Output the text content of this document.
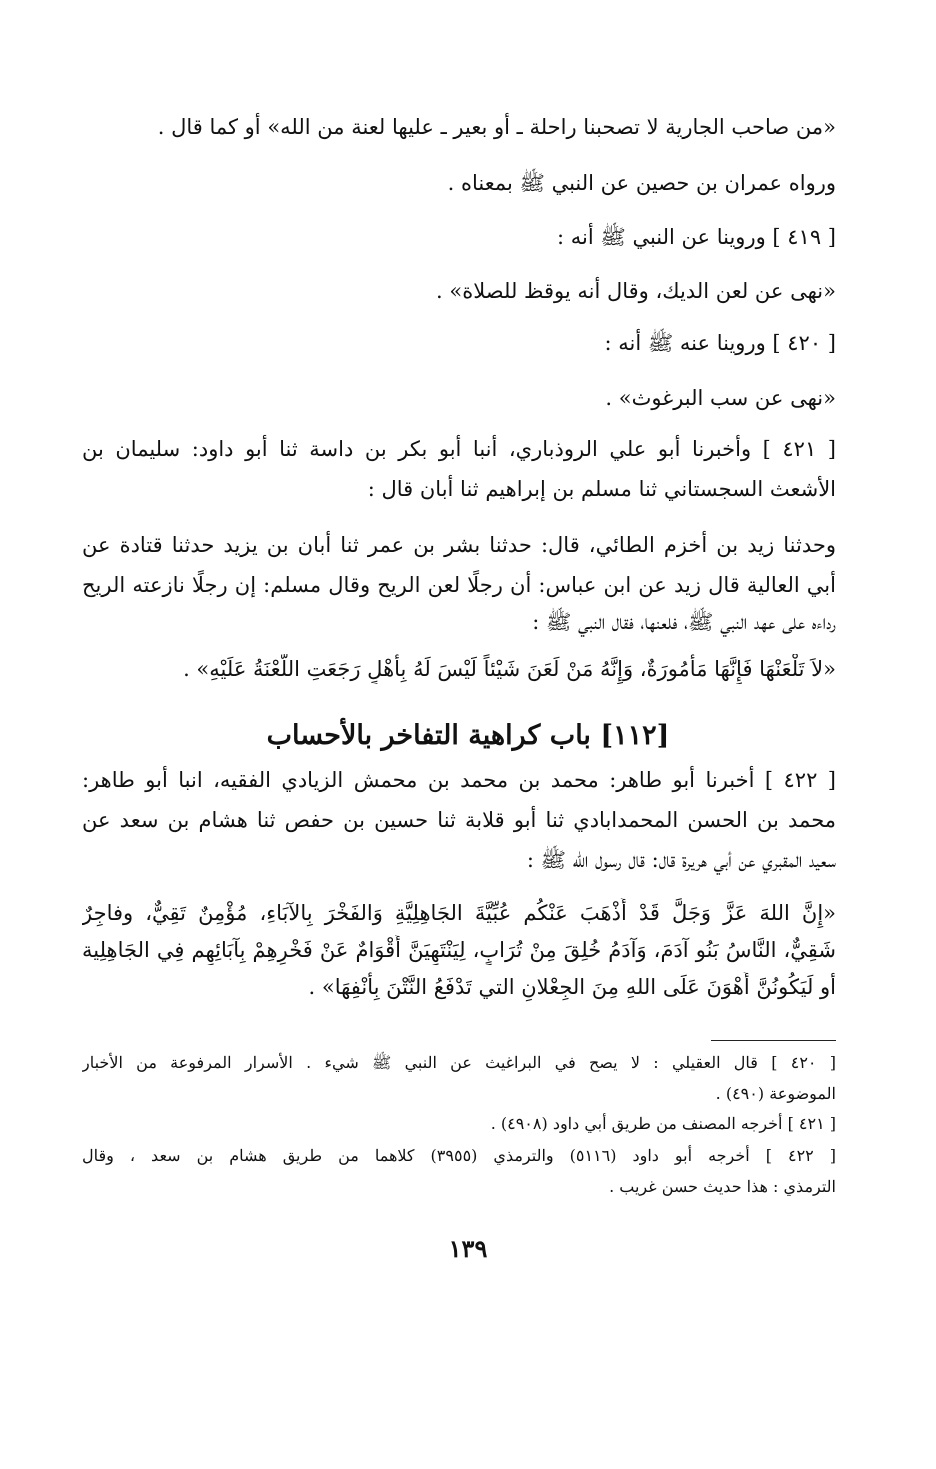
«من صاحب الجارية لا تصحبنا راحلة ـ أو بعير ـ عليها لعنة من الله» أو كما قال .
ورواه عمران بن حصين عن النبي ﷺ بمعناه .
[ ٤١٩ ] وروينا عن النبي ﷺ أنه :
«نهى عن لعن الديك، وقال أنه يوقظ للصلاة» .
[ ٤٢٠ ] وروينا عنه ﷺ أنه :
«نهى عن سب البرغوث» .
[ ٤٢١ ] وأخبرنا أبو علي الروذباري، أنبا أبو بكر بن داسة ثنا أبو داود: سليمان بن
الأشعث السجستاني ثنا مسلم بن إبراهيم ثنا أبان قال :
وحدثنا زيد بن أخزم الطائي، قال: حدثنا بشر بن عمر ثنا أبان بن يزيد حدثنا قتادة عن
أبي العالية قال زيد عن ابن عباس: أن رجلًا لعن الريح وقال مسلم: إن رجلًا نازعته الريح
رداءه على عهد النبي ﷺ، فلعنها، فقال النبي ﷺ :
«لاَ تَلْعَنْهَا فَإِنَّهَا مَأْمُورَةٌ، وَإِنَّهُ مَنْ لَعَنَ شَيْئاً لَيْسَ لَهُ بِأَهْلٍ رَجَعَتِ اللَّعْنَةُ عَلَيْهِ» .
[١١٢] باب كراهية التفاخر بالأحساب
[ ٤٢٢ ] أخبرنا أبو طاهر: محمد بن محمد بن محمش الزيادي الفقيه، انبا أبو طاهر:
محمد بن الحسن المحمدابادي ثنا أبو قلابة ثنا حسين بن حفص ثنا هشام بن سعد عن
سعيد المقبري عن أبي هريرة قال: قال رسول الله ﷺ :
«إِنَّ اللهَ عَزَّ وَجَلَّ قَدْ أَذْهَبَ عَنْكُم عُبِّيَّةَ الجَاهِلِيَّةِ وَالفَخْرَ بِالآبَاءِ، مُؤْمِنٌ تَقِيٌّ، وفاجِرٌ
شَقِيٌّ، النَّاسُ بَنُو آدَمَ، وَآدَمُ خُلِقَ مِنْ تُرَابٍ، لِيَنْتَهِيَنَّ أَقْوَامٌ عَنْ فَخْرِهِمْ بِآبَائِهِم فِي الجَاهِلِية
أو لَيَكُونُنَّ أَهْوَنَ عَلَى اللهِ مِنَ الجِعْلانِ التي تَدْفَعُ النَّتْنَ بِأَنْفِهَا» .
[ ٤٢٠ ] قال العقيلي : لا يصح في البراغيث عن النبي ﷺ شيء . الأسرار المرفوعة من الأخبار
الموضوعة (٤٩٠) .
[ ٤٢١ ] أخرجه المصنف من طريق أبي داود (٤٩٠٨) .
[ ٤٢٢ ] أخرجه أبو داود (٥١١٦) والترمذي (٣٩٥٥) كلاهما من طريق هشام بن سعد ، وقال
الترمذي : هذا حديث حسن غريب .
١٣٩
